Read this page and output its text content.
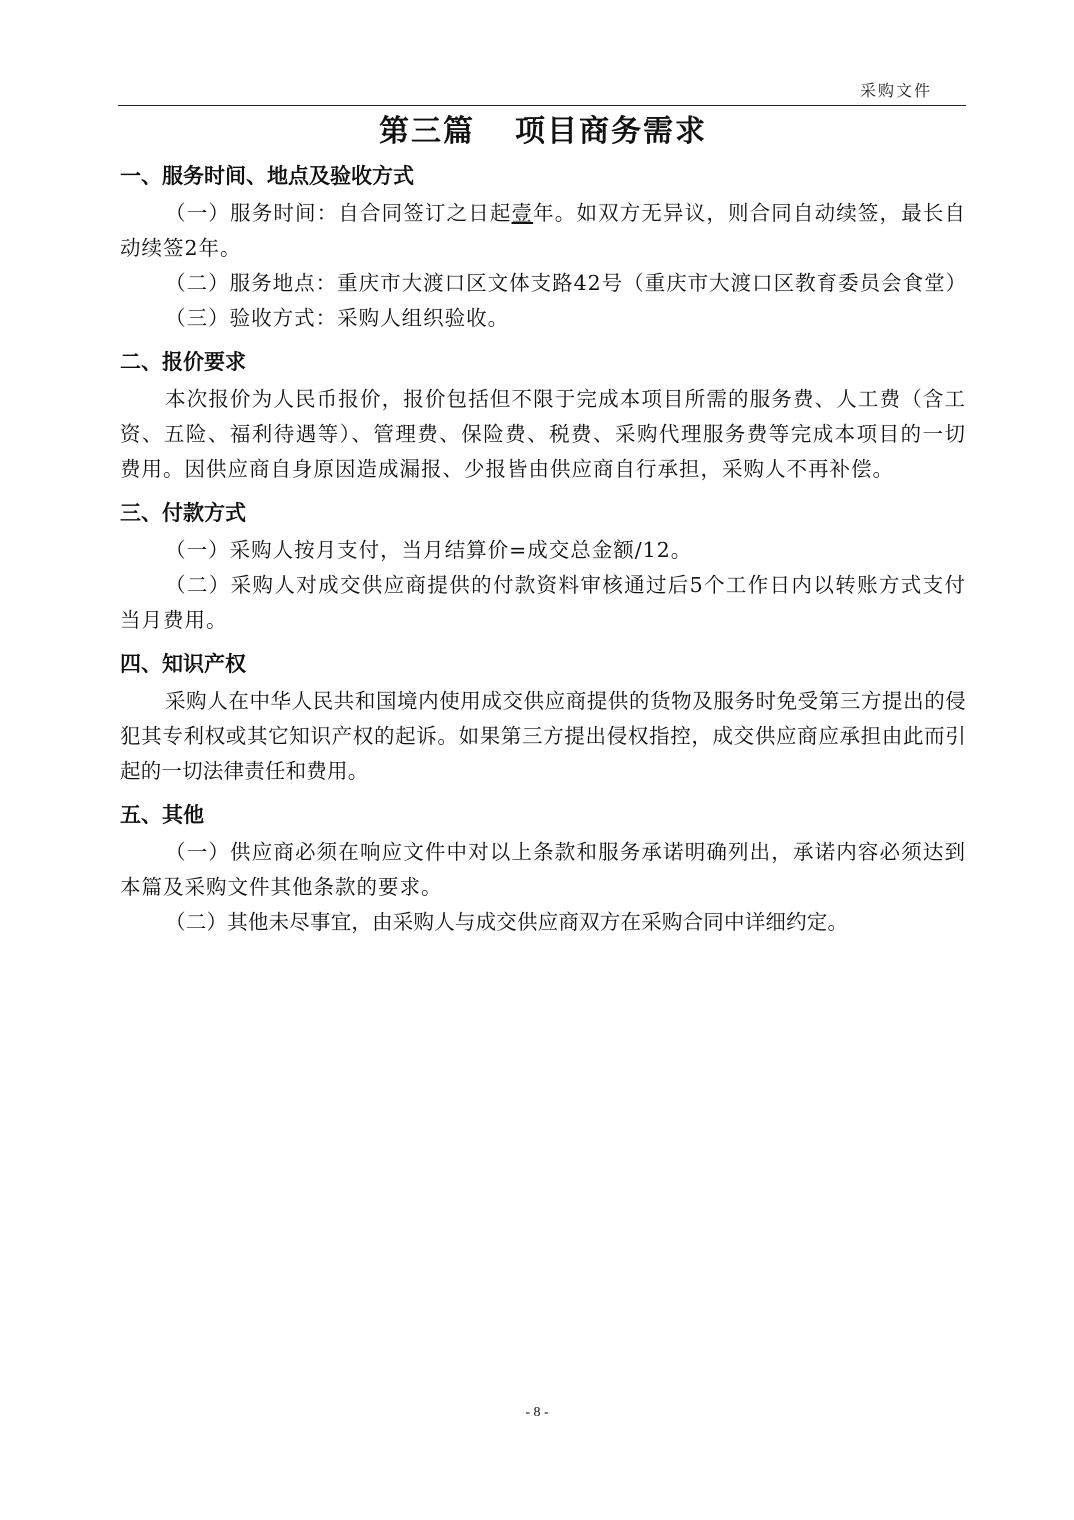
采购文件
第三篇 项目商务需求
一、服务时间、地点及验收方式

（一）服务时间：自合同签订之日起壹年。如双方无异议，则合同自动续签，最长自动续签2年。

（二）服务地点：重庆市大渡口区文体支路42号（重庆市大渡口区教育委员会食堂）

（三）验收方式：采购人组织验收。

二、报价要求

本次报价为人民币报价，报价包括但不限于完成本项目所需的服务费、人工费（含工资、五险、福利待遇等）、管理费、保险费、税费、采购代理服务费等完成本项目的一切费用。因供应商自身原因造成漏报、少报皆由供应商自行承担，采购人不再补偿。

三、付款方式

（一）采购人按月支付，当月结算价=成交总金额/12。

（二）采购人对成交供应商提供的付款资料审核通过后5个工作日内以转账方式支付当月费用。

四、知识产权

采购人在中华人民共和国境内使用成交供应商提供的货物及服务时免受第三方提出的侵犯其专利权或其它知识产权的起诉。如果第三方提出侵权指控，成交供应商应承担由此而引起的一切法律责任和费用。

五、其他

（一）供应商必须在响应文件中对以上条款和服务承诺明确列出，承诺内容必须达到本篇及采购文件其他条款的要求。

（二）其他未尽事宜，由采购人与成交供应商双方在采购合同中详细约定。

- 8 -
